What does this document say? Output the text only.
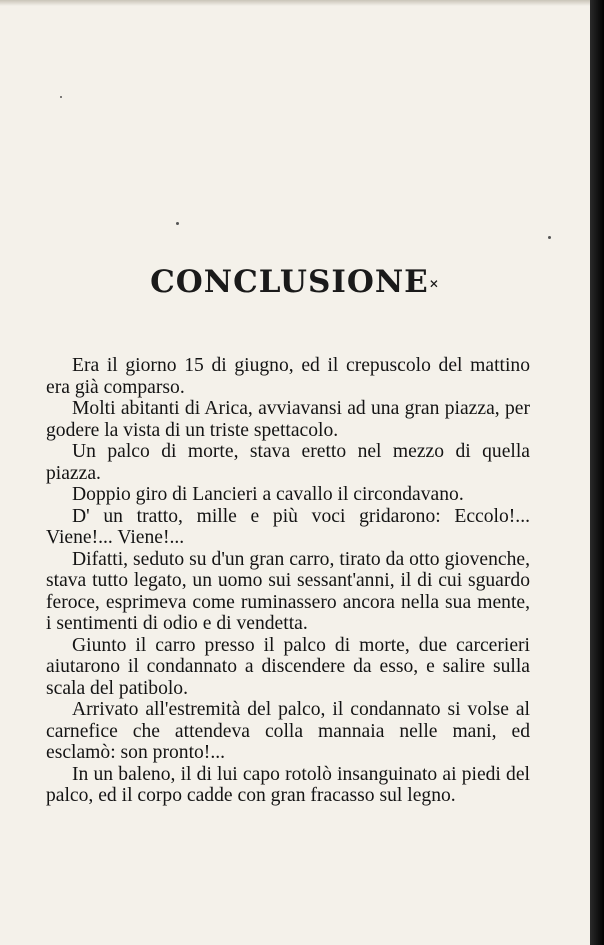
CONCLUSIONE×

Era il giorno 15 di giugno, ed il crepuscolo del mattino era già comparso.

Molti abitanti di Arica, avviavansi ad una gran piazza, per godere la vista di un triste spettacolo.

Un palco di morte, stava eretto nel mezzo di quella piazza.

Doppio giro di Lancieri a cavallo il circondavano.

D' un tratto, mille e più voci gridarono: Eccolo!... Viene!... Viene!...

Difatti, seduto su d'un gran carro, tirato da otto giovenche, stava tutto legato, un uomo sui sessant'anni, il di cui sguardo feroce, esprimeva come ruminassero ancora nella sua mente, i sentimenti di odio e di vendetta.

Giunto il carro presso il palco di morte, due carcerieri aiutarono il condannato a discendere da esso, e salire sulla scala del patibolo.

Arrivato all'estremità del palco, il condannato si volse al carnefice che attendeva colla mannaia nelle mani, ed esclamò: son pronto!...

In un baleno, il di lui capo rotolò insanguinato ai piedi del palco, ed il corpo cadde con gran fracasso sul legno.
